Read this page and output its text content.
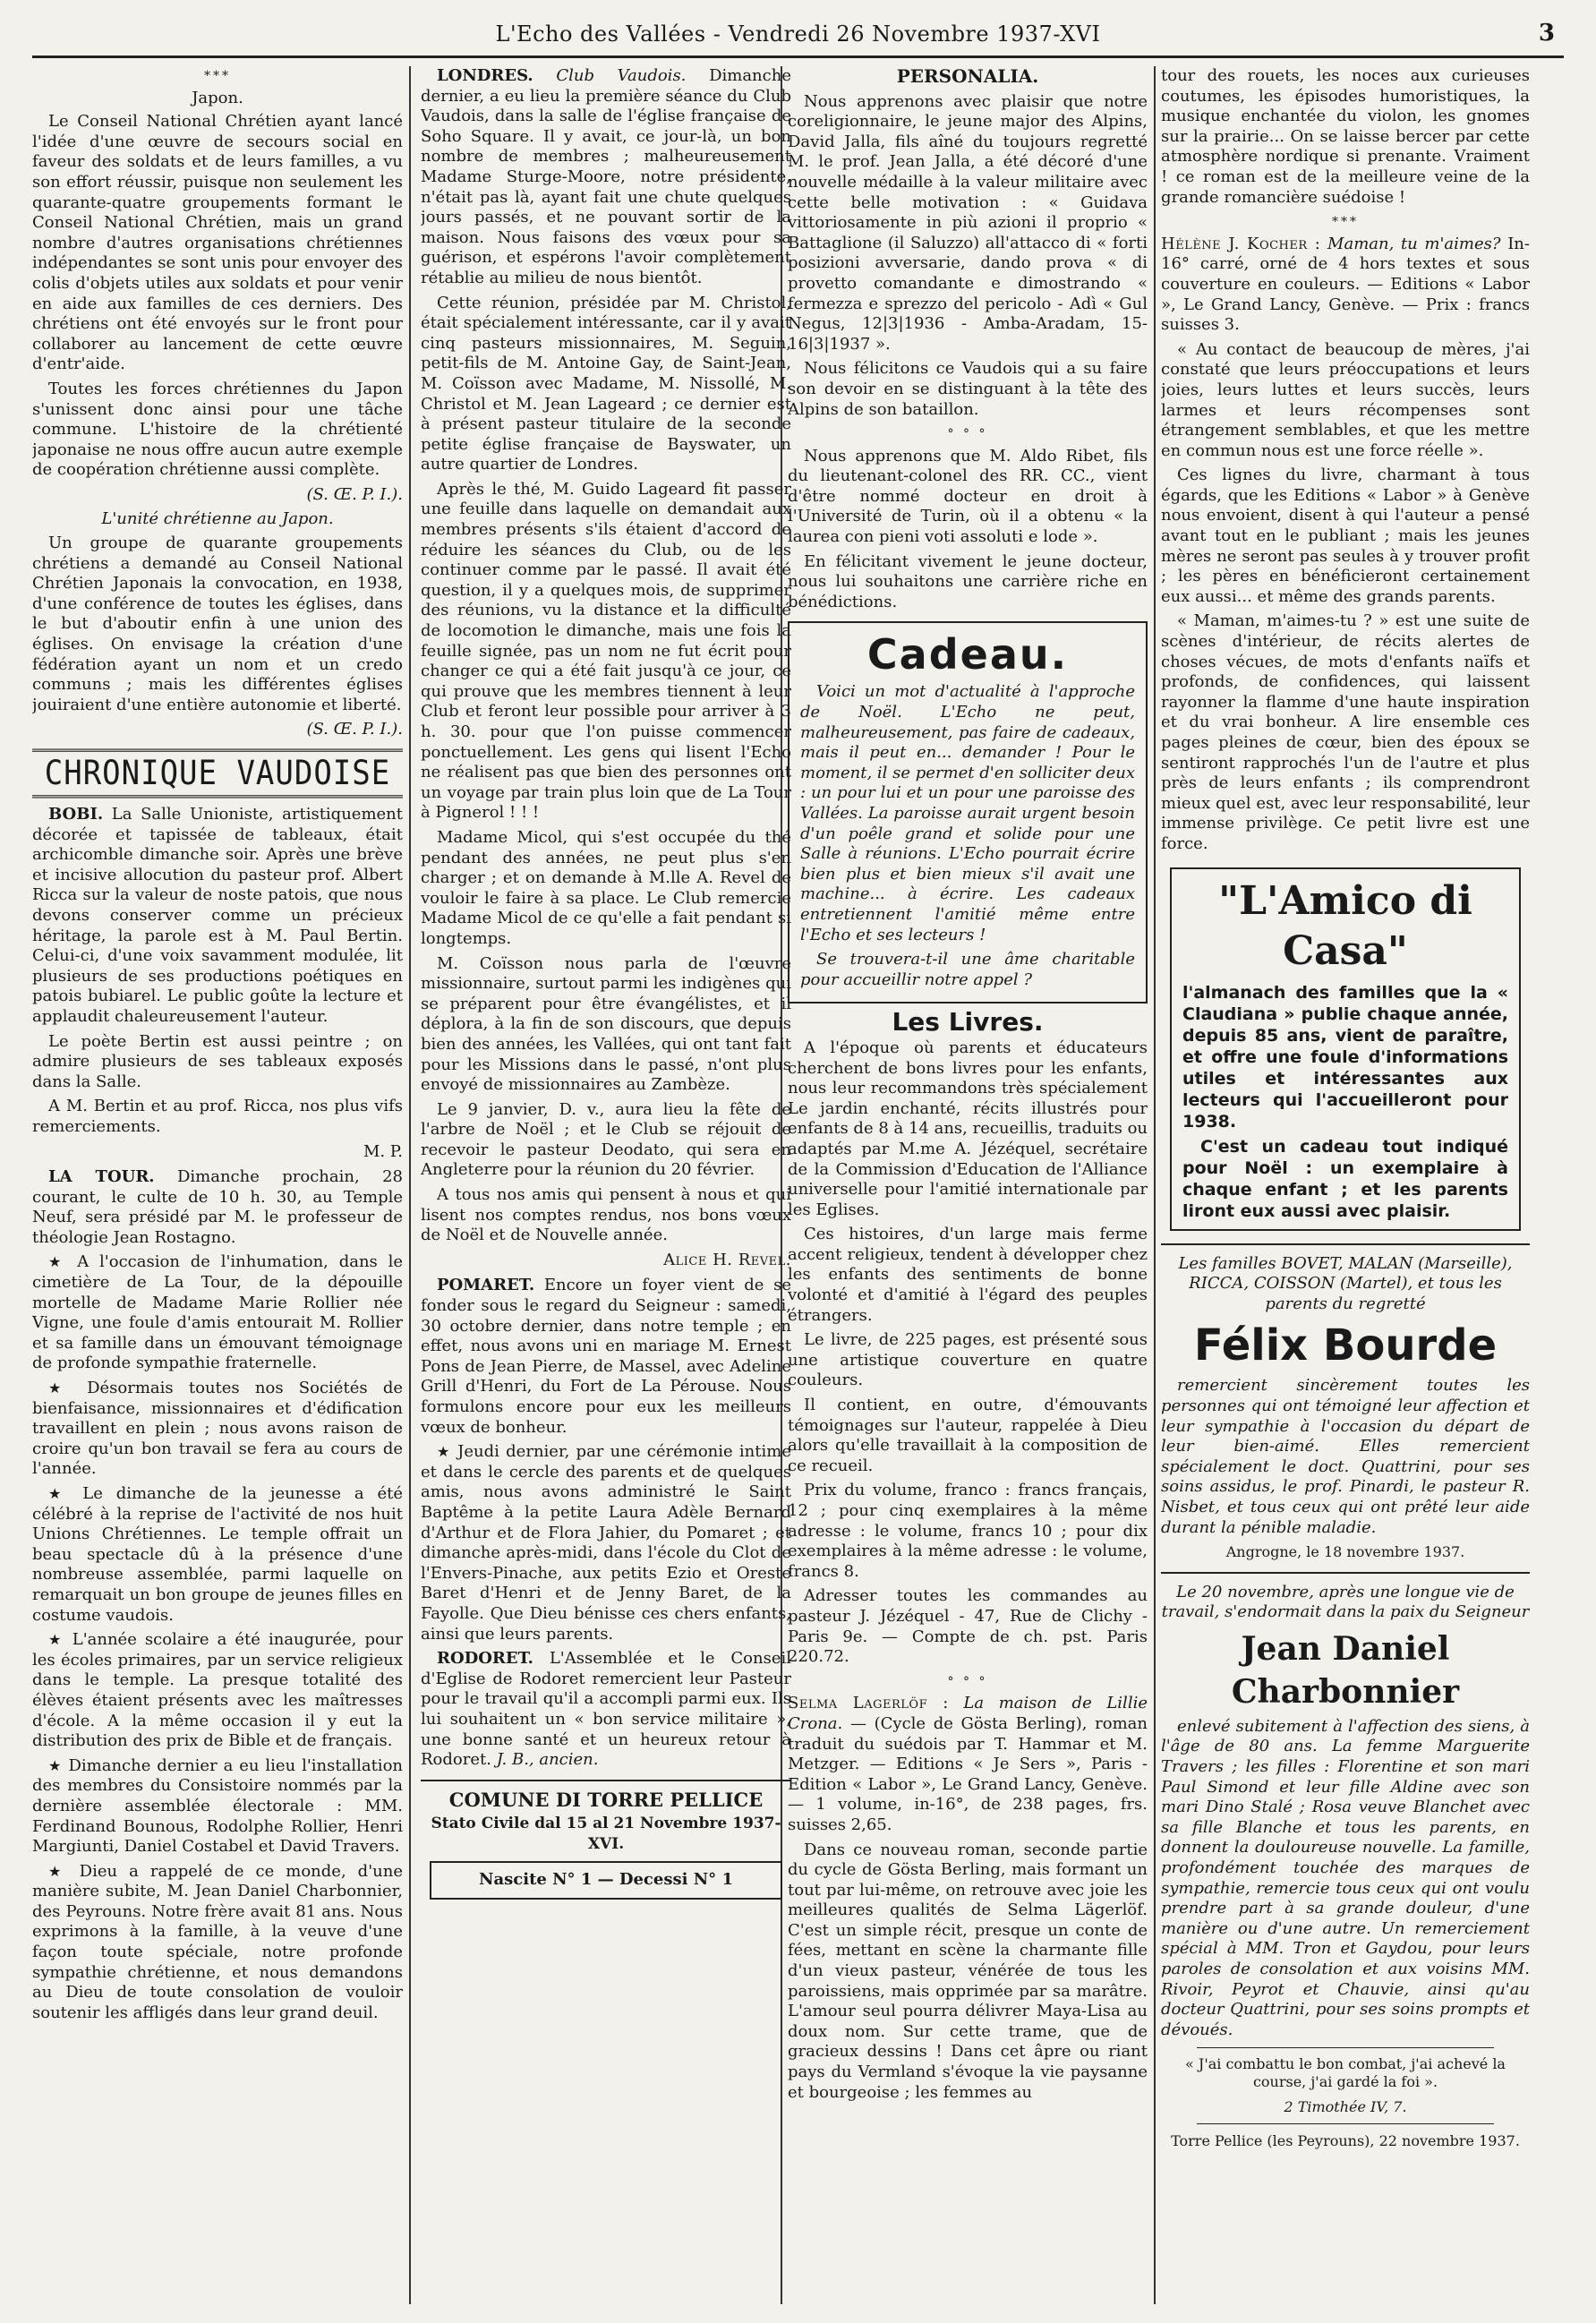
L'Echo des Vallées - Vendredi 26 Novembre 1937-XVI	3
***
Japon.

Le Conseil National Chrétien ayant lancé l'idée d'une œuvre de secours social en faveur des soldats et de leurs familles, a vu son effort réussir, puisque non seulement les quarante-quatre groupements formant le Conseil National Chrétien, mais un grand nombre d'autres organisations chrétiennes indépendantes se sont unis pour envoyer des colis d'objets utiles aux soldats et pour venir en aide aux familles de ces derniers. Des chrétiens ont été envoyés sur le front pour collaborer au lancement de cette œuvre d'entr'aide.

Toutes les forces chrétiennes du Japon s'unissent donc ainsi pour une tâche commune. L'histoire de la chrétienté japonaise ne nous offre aucun autre exemple de coopération chrétienne aussi complète.

(S. Œ. P. I.).

L'unité chrétienne au Japon.

Un groupe de quarante groupements chrétiens a demandé au Conseil National Chrétien Japonais la convocation, en 1938, d'une conférence de toutes les églises, dans le but d'aboutir enfin à une union des églises. On envisage la création d'une fédération ayant un nom et un credo communs ; mais les différentes églises jouiraient d'une entière autonomie et liberté.

(S. Œ. P. I.).

CHRONIQUE VAUDOISE

BOBI. La Salle Unioniste, artistiquement décorée et tapissée de tableaux, était archicomble dimanche soir. Après une brève et incisive allocution du pasteur prof. Albert Ricca sur la valeur de noste patois, que nous devons conserver comme un précieux héritage, la parole est à M. Paul Bertin. Celui-ci, d'une voix savamment modulée, lit plusieurs de ses productions poétiques en patois bubiarel. Le public goûte la lecture et applaudit chaleureusement l'auteur.

Le poète Bertin est aussi peintre ; on admire plusieurs de ses tableaux exposés dans la Salle.

A M. Bertin et au prof. Ricca, nos plus vifs remerciements.

M. P.

LA TOUR. Dimanche prochain, 28 courant, le culte de 10 h. 30, au Temple Neuf, sera présidé par M. le professeur de théologie Jean Rostagno.

★ A l'occasion de l'inhumation, dans le cimetière de La Tour, de la dépouille mortelle de Madame Marie Rollier née Vigne, une foule d'amis entourait M. Rollier et sa famille dans un émouvant témoignage de profonde sympathie fraternelle.

★ Désormais toutes nos Sociétés de bienfaisance, missionnaires et d'édification travaillent en plein ; nous avons raison de croire qu'un bon travail se fera au cours de l'année.

★ Le dimanche de la jeunesse a été célébré à la reprise de l'activité de nos huit Unions Chrétiennes. Le temple offrait un beau spectacle dû à la présence d'une nombreuse assemblée, parmi laquelle on remarquait un bon groupe de jeunes filles en costume vaudois.

★ L'année scolaire a été inaugurée, pour les écoles primaires, par un service religieux dans le temple. La presque totalité des élèves étaient présents avec les maîtresses d'école. A la même occasion il y eut la distribution des prix de Bible et de français.

★ Dimanche dernier a eu lieu l'installation des membres du Consistoire nommés par la dernière assemblée électorale : MM. Ferdinand Bounous, Rodolphe Rollier, Henri Margiunti, Daniel Costabel et David Travers.

★ Dieu a rappelé de ce monde, d'une manière subite, M. Jean Daniel Charbonnier, des Peyrouns. Notre frère avait 81 ans. Nous exprimons à la famille, à la veuve d'une façon toute spéciale, notre profonde sympathie chrétienne, et nous demandons au Dieu de toute consolation de vouloir soutenir les affligés dans leur grand deuil.

LONDRES. Club Vaudois. Dimanche dernier, a eu lieu la première séance du Club Vaudois, dans la salle de l'église française de Soho Square. Il y avait, ce jour-là, un bon nombre de membres ; malheureusement Madame Sturge-Moore, notre présidente, n'était pas là, ayant fait une chute quelques jours passés, et ne pouvant sortir de la maison. Nous faisons des vœux pour sa guérison, et espérons l'avoir complètement rétablie au milieu de nous bientôt.

Cette réunion, présidée par M. Christol, était spécialement intéressante, car il y avait cinq pasteurs missionnaires, M. Seguin, petit-fils de M. Antoine Gay, de Saint-Jean, M. Coïsson avec Madame, M. Nissollé, M. Christol et M. Jean Lageard ; ce dernier est à présent pasteur titulaire de la seconde petite église française de Bayswater, un autre quartier de Londres.

Après le thé, M. Guido Lageard fit passer une feuille dans laquelle on demandait aux membres présents s'ils étaient d'accord de réduire les séances du Club, ou de les continuer comme par le passé. Il avait été question, il y a quelques mois, de supprimer des réunions, vu la distance et la difficulté de locomotion le dimanche, mais une fois la feuille signée, pas un nom ne fut écrit pour changer ce qui a été fait jusqu'à ce jour, ce qui prouve que les membres tiennent à leur Club et feront leur possible pour arriver à 3 h. 30. pour que l'on puisse commencer ponctuellement. Les gens qui lisent l'Echo ne réalisent pas que bien des personnes ont un voyage par train plus loin que de La Tour à Pignerol ! ! !

Madame Micol, qui s'est occupée du thé pendant des années, ne peut plus s'en charger ; et on demande à M.lle A. Revel de vouloir le faire à sa place. Le Club remercie Madame Micol de ce qu'elle a fait pendant si longtemps.

M. Coïsson nous parla de l'œuvre missionnaire, surtout parmi les indigènes qui se préparent pour être évangélistes, et il déplora, à la fin de son discours, que depuis bien des années, les Vallées, qui ont tant fait pour les Missions dans le passé, n'ont plus envoyé de missionnaires au Zambèze.

Le 9 janvier, D. v., aura lieu la fête de l'arbre de Noël ; et le Club se réjouit de recevoir le pasteur Deodato, qui sera en Angleterre pour la réunion du 20 février.

A tous nos amis qui pensent à nous et qui lisent nos comptes rendus, nos bons vœux de Noël et de Nouvelle année.

Alice H. Revel.

POMARET. Encore un foyer vient de se fonder sous le regard du Seigneur : samedi, 30 octobre dernier, dans notre temple ; en effet, nous avons uni en mariage M. Ernest Pons de Jean Pierre, de Massel, avec Adeline Grill d'Henri, du Fort de La Pérouse. Nous formulons encore pour eux les meilleurs vœux de bonheur.

★ Jeudi dernier, par une cérémonie intime et dans le cercle des parents et de quelques amis, nous avons administré le Saint Baptême à la petite Laura Adèle Bernard d'Arthur et de Flora Jahier, du Pomaret ; et dimanche après-midi, dans l'école du Clot de l'Envers-Pinache, aux petits Ezio et Oreste Baret d'Henri et de Jenny Baret, de la Fayolle. Que Dieu bénisse ces chers enfants, ainsi que leurs parents.

RODORET. L'Assemblée et le Conseil d'Eglise de Rodoret remercient leur Pasteur pour le travail qu'il a accompli parmi eux. Ils lui souhaitent un « bon service militaire », une bonne santé et un heureux retour à Rodoret. J. B., ancien.

COMUNE DI TORRE PELLICE
Stato Civile dal 15 al 21 Novembre 1937-XVI.
Nascite N° 1 — Decessi N° 1
PERSONALIA.

Nous apprenons avec plaisir que notre coreligionnaire, le jeune major des Alpins, David Jalla, fils aîné du toujours regretté M. le prof. Jean Jalla, a été décoré d'une nouvelle médaille à la valeur militaire avec cette belle motivation : « Guidava vittoriosamente in più azioni il proprio « Battaglione (il Saluzzo) all'attacco di « forti posizioni avversarie, dando prova « di provetto comandante e dimostrando « fermezza e sprezzo del pericolo - Adì « Gul Negus, 12|3|1936 - Amba-Aradam, 15-16|3|1937 ».

Nous félicitons ce Vaudois qui a su faire son devoir en se distinguant à la tête des Alpins de son bataillon.

° ° °

Nous apprenons que M. Aldo Ribet, fils du lieutenant-colonel des RR. CC., vient d'être nommé docteur en droit à l'Université de Turin, où il a obtenu « la laurea con pieni voti assoluti e lode ».

En félicitant vivement le jeune docteur, nous lui souhaitons une carrière riche en bénédictions.

Cadeau.

Voici un mot d'actualité à l'approche de Noël. L'Echo ne peut, malheureusement, pas faire de cadeaux, mais il peut en... demander ! Pour le moment, il se permet d'en solliciter deux : un pour lui et un pour une paroisse des Vallées. La paroisse aurait urgent besoin d'un poêle grand et solide pour une Salle à réunions. L'Echo pourrait écrire bien plus et bien mieux s'il avait une machine... à écrire. Les cadeaux entretiennent l'amitié même entre l'Echo et ses lecteurs !

Se trouvera-t-il une âme charitable pour accueillir notre appel ?

Les Livres.

A l'époque où parents et éducateurs cherchent de bons livres pour les enfants, nous leur recommandons très spécialement Le jardin enchanté, récits illustrés pour enfants de 8 à 14 ans, recueillis, traduits ou adaptés par M.me A. Jézéquel, secrétaire de la Commission d'Education de l'Alliance universelle pour l'amitié internationale par les Eglises.

Ces histoires, d'un large mais ferme accent religieux, tendent à développer chez les enfants des sentiments de bonne volonté et d'amitié à l'égard des peuples étrangers.

Le livre, de 225 pages, est présenté sous une artistique couverture en quatre couleurs.

Il contient, en outre, d'émouvants témoignages sur l'auteur, rappelée à Dieu alors qu'elle travaillait à la composition de ce recueil.

Prix du volume, franco : francs français, 12 ; pour cinq exemplaires à la même adresse : le volume, francs 10 ; pour dix exemplaires à la même adresse : le volume, francs 8.

Adresser toutes les commandes au pasteur J. Jézéquel - 47, Rue de Clichy - Paris 9e. — Compte de ch. pst. Paris 220.72.

° ° °

Selma Lagerlöf : La maison de Lillie Crona. — (Cycle de Gösta Berling), roman traduit du suédois par T. Hammar et M. Metzger. — Editions « Je Sers », Paris - Edition « Labor », Le Grand Lancy, Genève. — 1 volume, in-16°, de 238 pages, frs. suisses 2,65.

Dans ce nouveau roman, seconde partie du cycle de Gösta Berling, mais formant un tout par lui-même, on retrouve avec joie les meilleures qualités de Selma Lägerlöf. C'est un simple récit, presque un conte de fées, mettant en scène la charmante fille d'un vieux pasteur, vénérée de tous les paroissiens, mais opprimée par sa marâtre. L'amour seul pourra délivrer Maya-Lisa au doux nom. Sur cette trame, que de gracieux dessins ! Dans cet âpre ou riant pays du Vermland s'évoque la vie paysanne et bourgeoise ; les femmes au

tour des rouets, les noces aux curieuses coutumes, les épisodes humoristiques, la musique enchantée du violon, les gnomes sur la prairie... On se laisse bercer par cette atmosphère nordique si prenante. Vraiment ! ce roman est de la meilleure veine de la grande romancière suédoise !

***

Hélène J. Kocher : Maman, tu m'aimes? In-16° carré, orné de 4 hors textes et sous couverture en couleurs. — Editions « Labor », Le Grand Lancy, Genève. — Prix : francs suisses 3.

« Au contact de beaucoup de mères, j'ai constaté que leurs préoccupations et leurs joies, leurs luttes et leurs succès, leurs larmes et leurs récompenses sont étrangement semblables, et que les mettre en commun nous est une force réelle ».

Ces lignes du livre, charmant à tous égards, que les Editions « Labor » à Genève nous envoient, disent à qui l'auteur a pensé avant tout en le publiant ; mais les jeunes mères ne seront pas seules à y trouver profit ; les pères en bénéficieront certainement eux aussi... et même des grands parents.

« Maman, m'aimes-tu ? » est une suite de scènes d'intérieur, de récits alertes de choses vécues, de mots d'enfants naïfs et profonds, de confidences, qui laissent rayonner la flamme d'une haute inspiration et du vrai bonheur. A lire ensemble ces pages pleines de cœur, bien des époux se sentiront rapprochés l'un de l'autre et plus près de leurs enfants ; ils comprendront mieux quel est, avec leur responsabilité, leur immense privilège. Ce petit livre est une force.

"L'Amico di Casa"
l'almanach des familles que la « Claudiana » publie chaque année, depuis 85 ans, vient de paraître, et offre une foule d'informations utiles et intéressantes aux lecteurs qui l'accueilleront pour 1938.
C'est un cadeau tout indiqué pour Noël : un exemplaire à chaque enfant ; et les parents liront eux aussi avec plaisir.

Les familles BOVET, MALAN (Marseille), RICCA, COISSON (Martel), et tous les parents du regretté

Félix Bourde

remercient sincèrement toutes les personnes qui ont témoigné leur affection et leur sympathie à l'occasion du départ de leur bien-aimé. Elles remercient spécialement le doct. Quattrini, pour ses soins assidus, le prof. Pinardi, le pasteur R. Nisbet, et tous ceux qui ont prêté leur aide durant la pénible maladie.

Angrogne, le 18 novembre 1937.

Le 20 novembre, après une longue vie de travail, s'endormait dans la paix du Seigneur

Jean Daniel Charbonnier

enlevé subitement à l'affection des siens, à l'âge de 80 ans. La femme Marguerite Travers ; les filles : Florentine et son mari Paul Simond et leur fille Aldine avec son mari Dino Stalé ; Rosa veuve Blanchet avec sa fille Blanche et tous les parents, en donnent la douloureuse nouvelle. La famille, profondément touchée des marques de sympathie, remercie tous ceux qui ont voulu prendre part à sa grande douleur, d'une manière ou d'une autre. Un remerciement spécial à MM. Tron et Gaydou, pour leurs paroles de consolation et aux voisins MM. Rivoir, Peyrot et Chauvie, ainsi qu'au docteur Quattrini, pour ses soins prompts et dévoués.

« J'ai combattu le bon combat, j'ai achevé la course, j'ai gardé la foi ».
2 Timothée IV, 7.
Torre Pellice (les Peyrouns), 22 novembre 1937.
